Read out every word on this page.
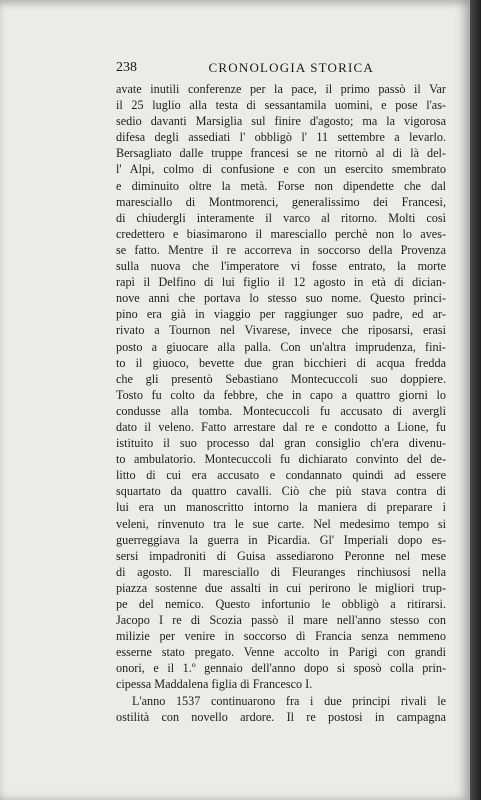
238	CRONOLOGIA STORICA
avate inutili conferenze per la pace, il primo passò il Var
il 25 luglio alla testa di sessantamila uomini, e pose l'as-
sedio davanti Marsiglia sul finire d'agosto; ma la vigorosa
difesa degli assediati l' obbligò l' 11 settembre a levarlo.
Bersagliato dalle truppe francesi se ne ritornò al di là del-
l' Alpi, colmo di confusione e con un esercito smembrato
e diminuito oltre la metà. Forse non dipendette che dal
maresciallo di Montmorenci, generalissimo dei Francesi,
di chiudergli interamente il varco al ritorno. Molti così
credettero e biasimarono il maresciallo perchè non lo aves-
se fatto. Mentre il re accorreva in soccorso della Provenza
sulla nuova che l'imperatore vi fosse entrato, la morte
rapì il Delfino di lui figlio il 12 agosto in età di dician-
nove anni che portava lo stesso suo nome. Questo princi-
pino era già in viaggio per raggiunger suo padre, ed ar-
rivato a Tournon nel Vivarese, invece che riposarsi, erasi
posto a giuocare alla palla. Con un'altra imprudenza, fini-
to il giuoco, bevette due gran bicchieri di acqua fredda
che gli presentò Sebastiano Montecuccoli suo doppiere.
Tosto fu colto da febbre, che in capo a quattro giorni lo
condusse alla tomba. Montecuccoli fu accusato di avergli
dato il veleno. Fatto arrestare dal re e condotto a Lione, fu
istituito il suo processo dal gran consiglio ch'era divenu-
to ambulatorio. Montecuccoli fu dichiarato convinto del de-
litto di cui era accusato e condannato quindi ad essere
squartato da quattro cavalli. Ciò che più stava contra di
lui era un manoscritto intorno la maniera di preparare i
veleni, rinvenuto tra le sue carte. Nel medesimo tempo si
guerreggiava la guerra in Picardia. Gl' Imperiali dopo es-
sersi impadroniti di Guisa assediarono Peronne nel mese
di agosto. Il maresciallo di Fleuranges rinchiusosi nella
piazza sostenne due assalti in cui perirono le migliori trup-
pe del nemico. Questo infortunio le obbligò a ritirarsi.
Jacopo I re di Scozia passò il mare nell'anno stesso con
milizie per venire in soccorso di Francia senza nemmeno
esserne stato pregato. Venne accolto in Parigi con grandi
onori, e il 1.º gennaio dell'anno dopo si sposò colla prin-
cipessa Maddalena figlia di Francesco I.
L'anno 1537 continuarono fra i due principi rivali le
ostilità con novello ardore. Il re postosi in campagna
